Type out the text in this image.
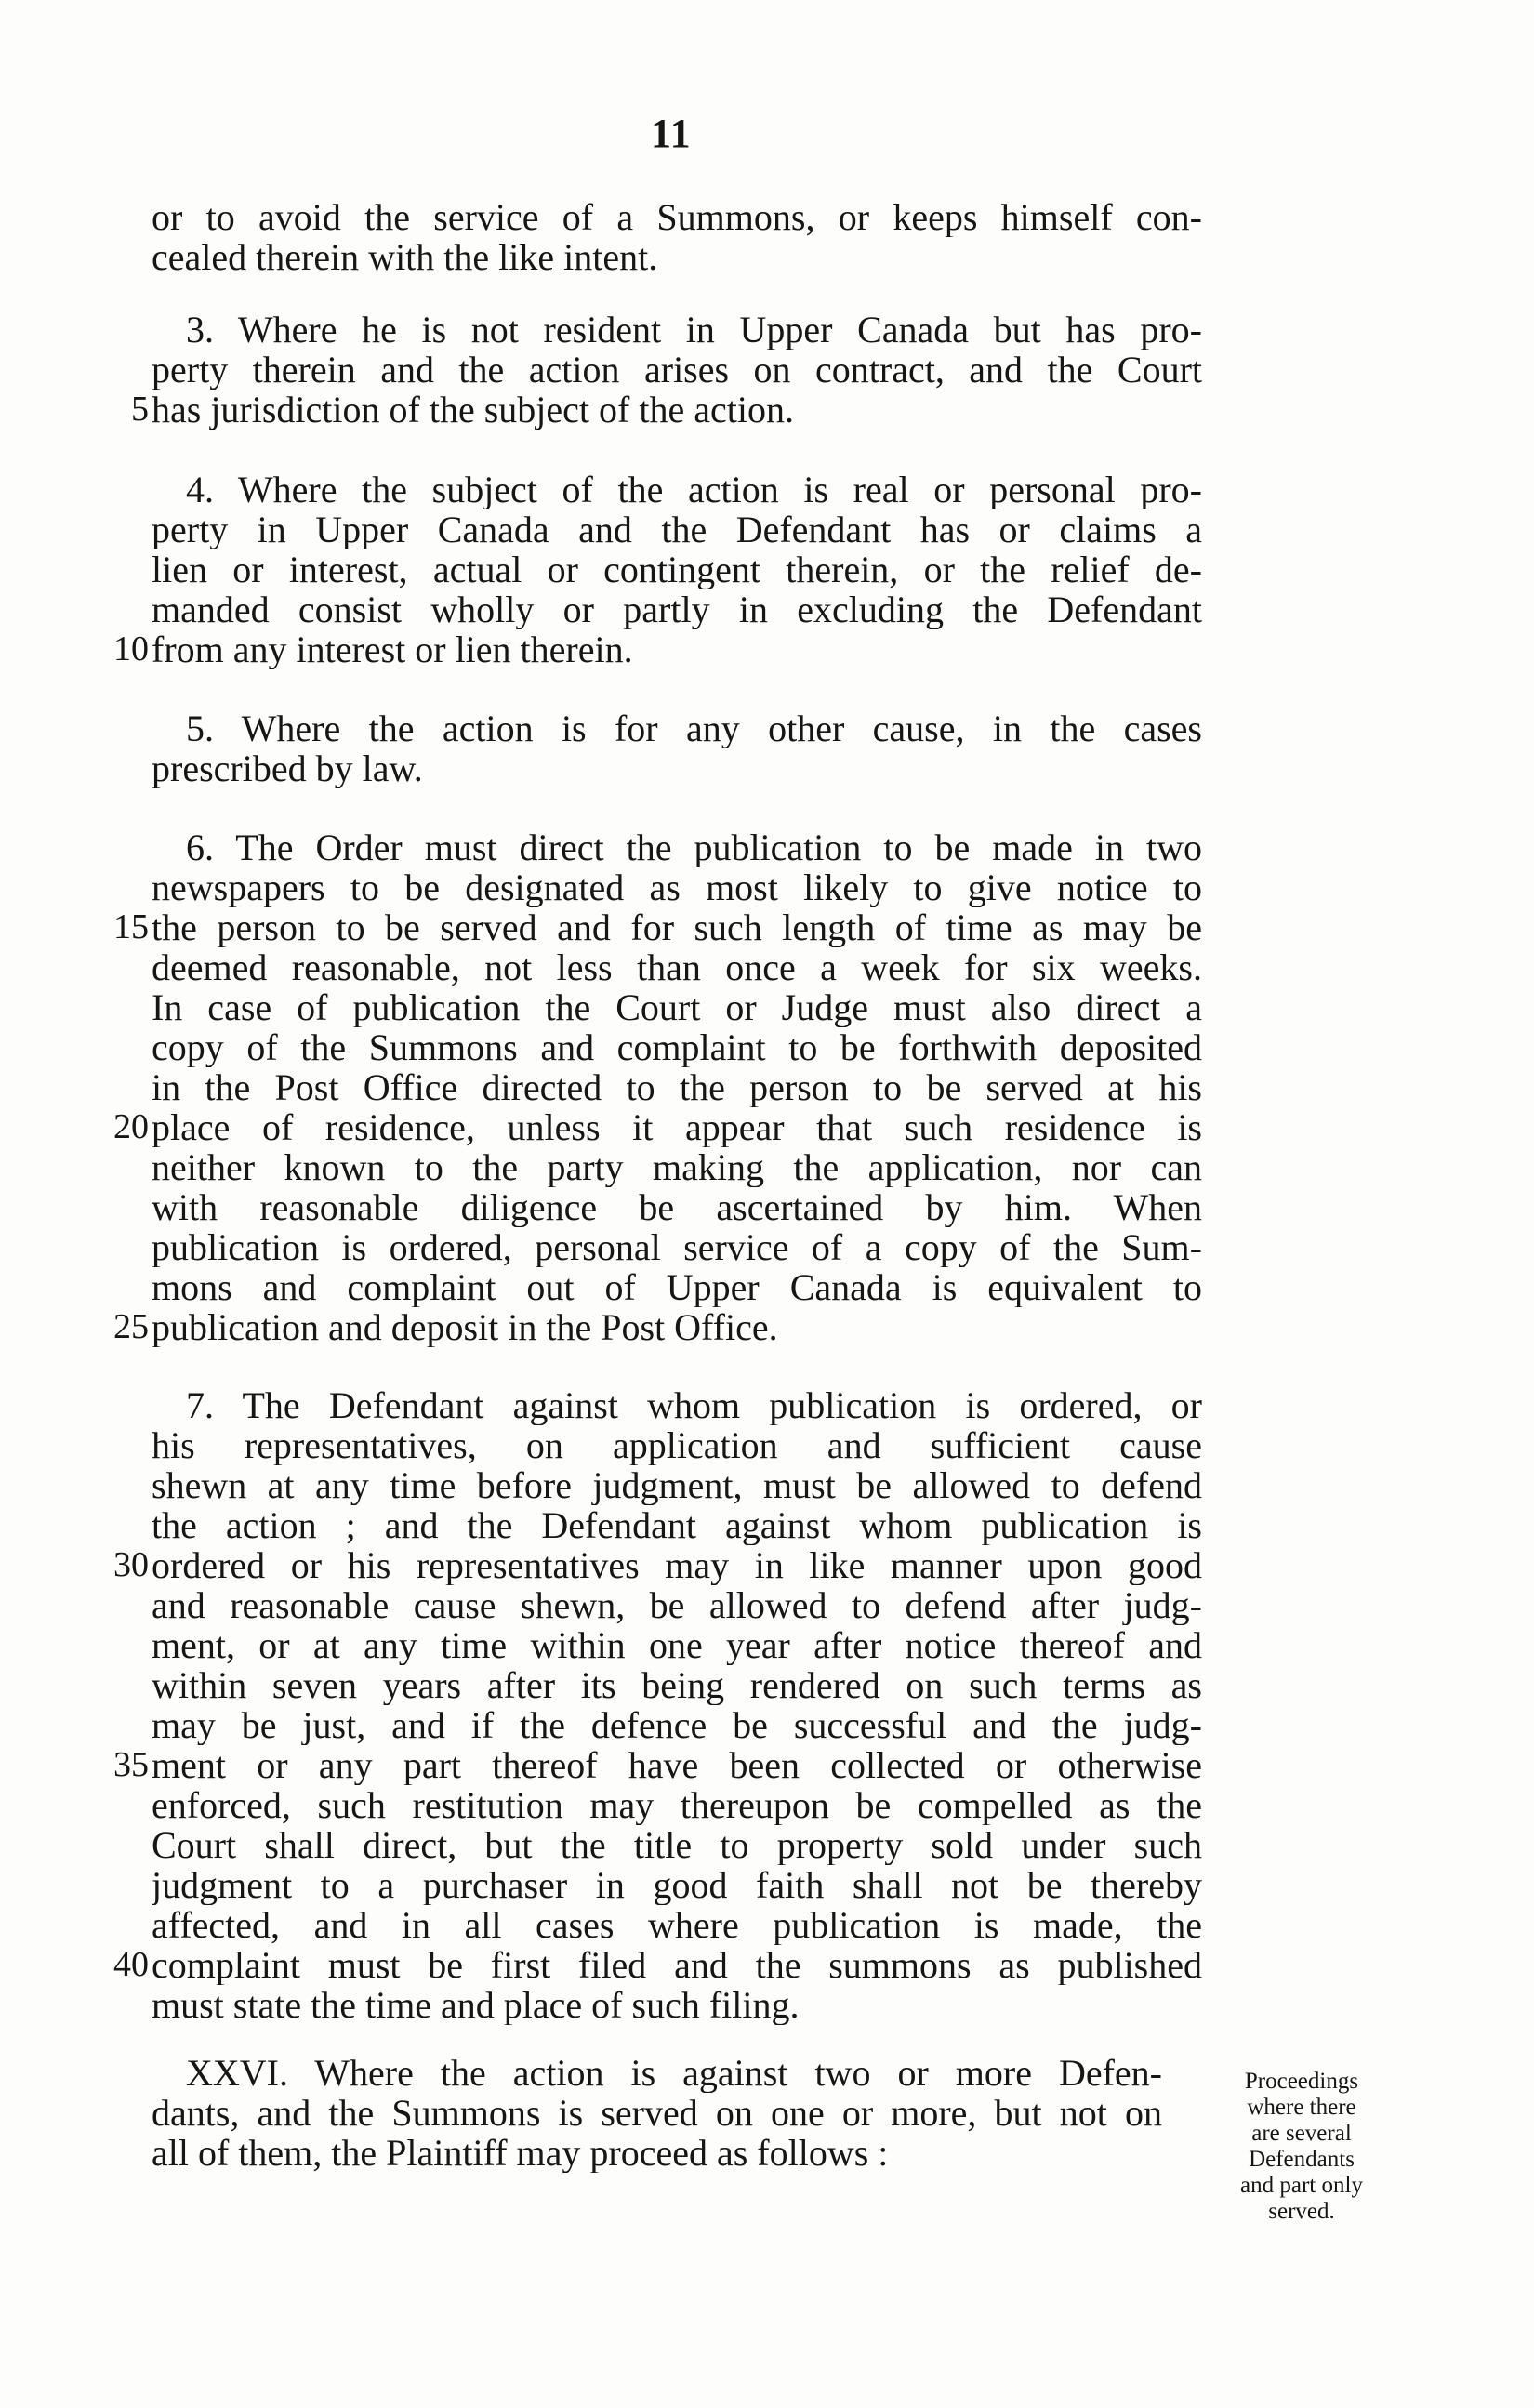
11
or to avoid the service of a Summons, or keeps himself con-
cealed therein with the like intent.
3. Where he is not resident in Upper Canada but has pro-
perty therein and the action arises on contract, and the Court
5 has jurisdiction of the subject of the action.
4. Where the subject of the action is real or personal pro-
perty in Upper Canada and the Defendant has or claims a
lien or interest, actual or contingent therein, or the relief de-
manded consist wholly or partly in excluding the Defendant
10 from any interest or lien therein.
5. Where the action is for any other cause, in the cases
prescribed by law.
6. The Order must direct the publication to be made in two
newspapers to be designated as most likely to give notice to
15 the person to be served and for such length of time as may be
deemed reasonable, not less than once a week for six weeks.
In case of publication the Court or Judge must also direct a
copy of the Summons and complaint to be forthwith deposited
in the Post Office directed to the person to be served at his
20 place of residence, unless it appear that such residence is
neither known to the party making the application, nor can
with reasonable diligence be ascertained by him. When
publication is ordered, personal service of a copy of the Sum-
mons and complaint out of Upper Canada is equivalent to
25 publication and deposit in the Post Office.
7. The Defendant against whom publication is ordered, or
his representatives, on application and sufficient cause
shewn at any time before judgment, must be allowed to defend
the action ; and the Defendant against whom publication is
30 ordered or his representatives may in like manner upon good
and reasonable cause shewn, be allowed to defend after judg-
ment, or at any time within one year after notice thereof and
within seven years after its being rendered on such terms as
may be just, and if the defence be successful and the judg-
35 ment or any part thereof have been collected or otherwise
enforced, such restitution may thereupon be compelled as the
Court shall direct, but the title to property sold under such
judgment to a purchaser in good faith shall not be thereby
affected, and in all cases where publication is made, the
40 complaint must be first filed and the summons as published
must state the time and place of such filing.
XXVI. Where the action is against two or more Defen-
dants, and the Summons is served on one or more, but not on
all of them, the Plaintiff may proceed as follows :
Proceedings
where there
are several
Defendants
and part only
served.
